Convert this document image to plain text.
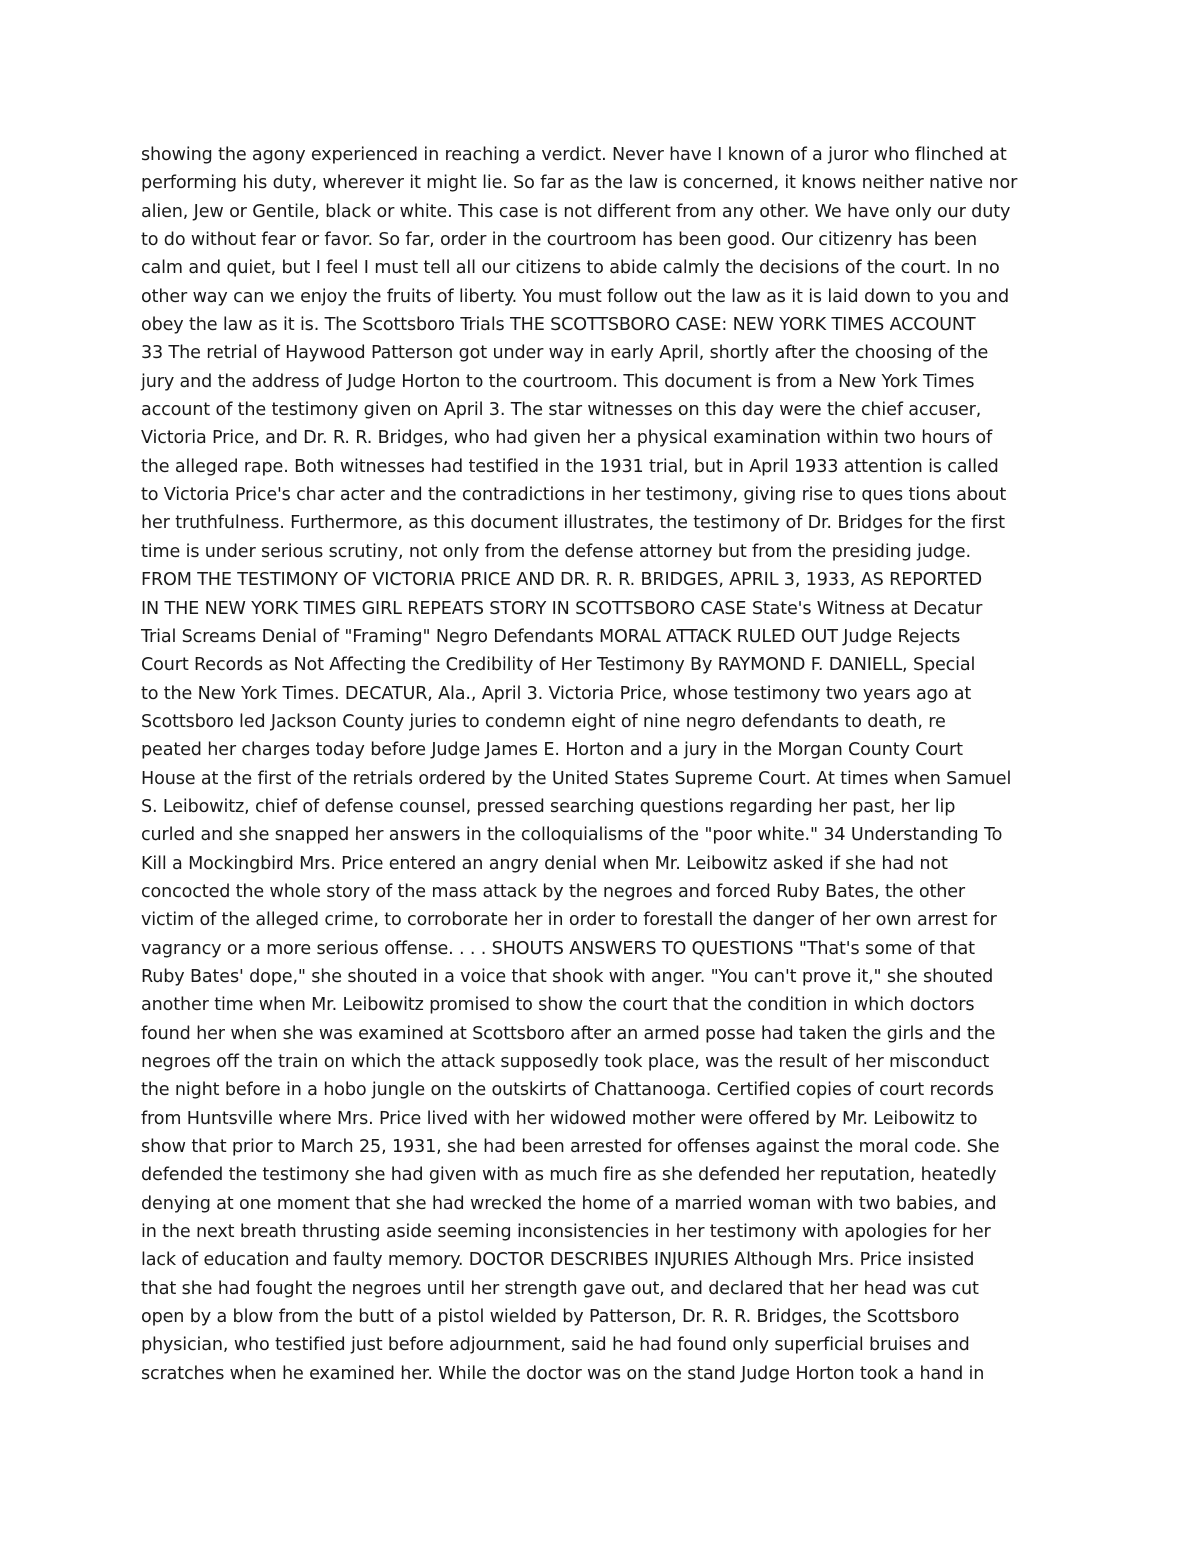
showing the agony experienced in reaching a verdict. Never have I known of a juror who flinched at
performing his duty, wherever it might lie. So far as the law is concerned, it knows neither native nor
alien, Jew or Gentile, black or white. This case is not different from any other. We have only our duty
to do without fear or favor. So far, order in the courtroom has been good. Our citizenry has been
calm and quiet, but I feel I must tell all our citizens to abide calmly the decisions of the court. In no
other way can we enjoy the fruits of liberty. You must follow out the law as it is laid down to you and
obey the law as it is. The Scottsboro Trials THE SCOTTSBORO CASE: NEW YORK TIMES ACCOUNT
33 The retrial of Haywood Patterson got under way in early April, shortly after the choosing of the
jury and the address of Judge Horton to the courtroom. This document is from a New York Times
account of the testimony given on April 3. The star witnesses on this day were the chief accuser,
Victoria Price, and Dr. R. R. Bridges, who had given her a physical examination within two hours of
the alleged rape. Both witnesses had testified in the 1931 trial, but in April 1933 attention is called
to Victoria Price's char acter and the contradictions in her testimony, giving rise to ques tions about
her truthfulness. Furthermore, as this document illustrates, the testimony of Dr. Bridges for the first
time is under serious scrutiny, not only from the defense attorney but from the presiding judge.
FROM THE TESTIMONY OF VICTORIA PRICE AND DR. R. R. BRIDGES, APRIL 3, 1933, AS REPORTED
IN THE NEW YORK TIMES GIRL REPEATS STORY IN SCOTTSBORO CASE State's Witness at Decatur
Trial Screams Denial of "Framing" Negro Defendants MORAL ATTACK RULED OUT Judge Rejects
Court Records as Not Affecting the Credibility of Her Testimony By RAYMOND F. DANIELL, Special
to the New York Times. DECATUR, Ala., April 3. Victoria Price, whose testimony two years ago at
Scottsboro led Jackson County juries to condemn eight of nine negro defendants to death, re
peated her charges today before Judge James E. Horton and a jury in the Morgan County Court
House at the first of the retrials ordered by the United States Supreme Court. At times when Samuel
S. Leibowitz, chief of defense counsel, pressed searching questions regarding her past, her lip
curled and she snapped her answers in the colloquialisms of the "poor white." 34 Understanding To
Kill a Mockingbird Mrs. Price entered an angry denial when Mr. Leibowitz asked if she had not
concocted the whole story of the mass attack by the negroes and forced Ruby Bates, the other
victim of the alleged crime, to corroborate her in order to forestall the danger of her own arrest for
vagrancy or a more serious offense. . . . SHOUTS ANSWERS TO QUESTIONS "That's some of that
Ruby Bates' dope," she shouted in a voice that shook with anger. "You can't prove it," she shouted
another time when Mr. Leibowitz promised to show the court that the condition in which doctors
found her when she was examined at Scottsboro after an armed posse had taken the girls and the
negroes off the train on which the attack supposedly took place, was the result of her misconduct
the night before in a hobo jungle on the outskirts of Chattanooga. Certified copies of court records
from Huntsville where Mrs. Price lived with her widowed mother were offered by Mr. Leibowitz to
show that prior to March 25, 1931, she had been arrested for offenses against the moral code. She
defended the testimony she had given with as much fire as she defended her reputation, heatedly
denying at one moment that she had wrecked the home of a married woman with two babies, and
in the next breath thrusting aside seeming inconsistencies in her testimony with apologies for her
lack of education and faulty memory. DOCTOR DESCRIBES INJURIES Although Mrs. Price insisted
that she had fought the negroes until her strength gave out, and declared that her head was cut
open by a blow from the butt of a pistol wielded by Patterson, Dr. R. R. Bridges, the Scottsboro
physician, who testified just before adjournment, said he had found only superficial bruises and
scratches when he examined her. While the doctor was on the stand Judge Horton took a hand in
